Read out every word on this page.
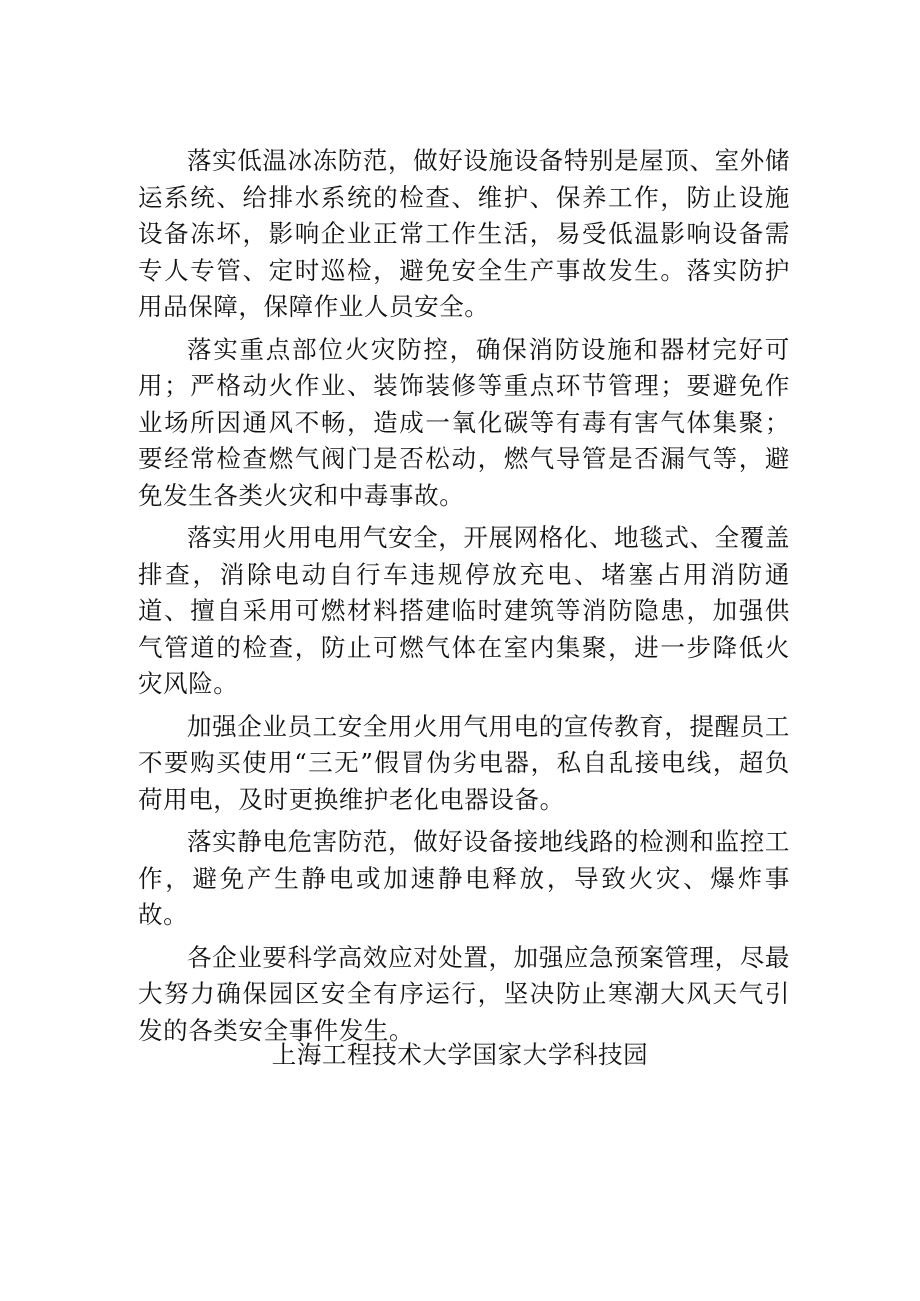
落实低温冰冻防范，做好设施设备特别是屋顶、室外储运系统、给排水系统的检查、维护、保养工作，防止设施设备冻坏，影响企业正常工作生活，易受低温影响设备需专人专管、定时巡检，避免安全生产事故发生。落实防护用品保障，保障作业人员安全。

落实重点部位火灾防控，确保消防设施和器材完好可用；严格动火作业、装饰装修等重点环节管理；要避免作业场所因通风不畅，造成一氧化碳等有毒有害气体集聚；要经常检查燃气阀门是否松动，燃气导管是否漏气等，避免发生各类火灾和中毒事故。

落实用火用电用气安全，开展网格化、地毯式、全覆盖排查，消除电动自行车违规停放充电、堵塞占用消防通道、擅自采用可燃材料搭建临时建筑等消防隐患，加强供气管道的检查，防止可燃气体在室内集聚，进一步降低火灾风险。

加强企业员工安全用火用气用电的宣传教育，提醒员工不要购买使用“三无”假冒伪劣电器，私自乱接电线，超负荷用电，及时更换维护老化电器设备。

落实静电危害防范，做好设备接地线路的检测和监控工作，避免产生静电或加速静电释放，导致火灾、爆炸事故。

各企业要科学高效应对处置，加强应急预案管理，尽最大努力确保园区安全有序运行，坚决防止寒潮大风天气引发的各类安全事件发生。

上海工程技术大学国家大学科技园
